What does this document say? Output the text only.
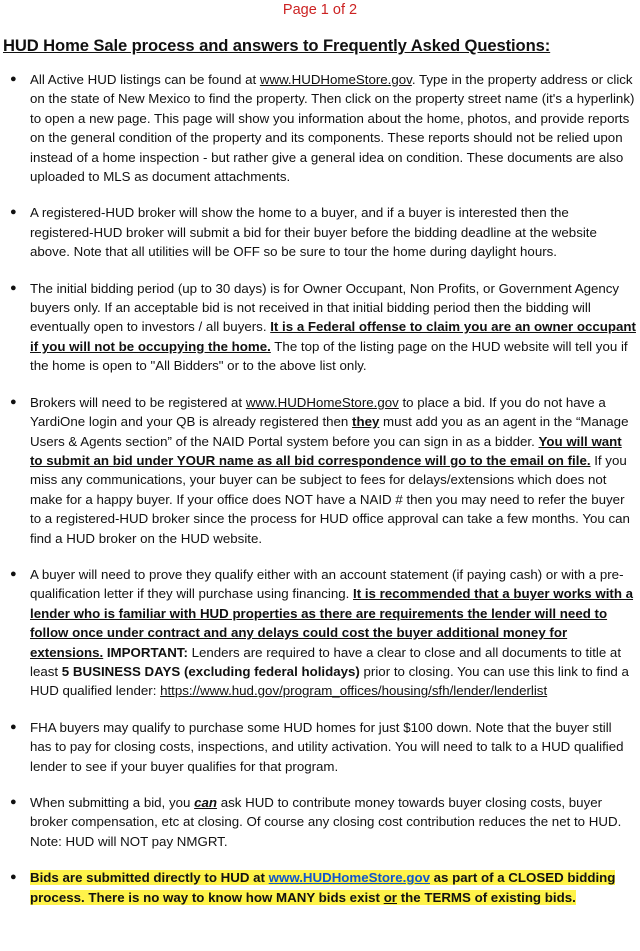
Page 1 of 2
HUD Home Sale process and answers to Frequently Asked Questions:
● All Active HUD listings can be found at www.HUDHomeStore.gov. Type in the property address or click on the state of New Mexico to find the property. Then click on the property street name (it's a hyperlink) to open a new page. This page will show you information about the home, photos, and provide reports on the general condition of the property and its components. These reports should not be relied upon instead of a home inspection - but rather give a general idea on condition. These documents are also uploaded to MLS as document attachments.
● A registered-HUD broker will show the home to a buyer, and if a buyer is interested then the registered-HUD broker will submit a bid for their buyer before the bidding deadline at the website above. Note that all utilities will be OFF so be sure to tour the home during daylight hours.
● The initial bidding period (up to 30 days) is for Owner Occupant, Non Profits, or Government Agency buyers only. If an acceptable bid is not received in that initial bidding period then the bidding will eventually open to investors / all buyers. It is a Federal offense to claim you are an owner occupant if you will not be occupying the home. The top of the listing page on the HUD website will tell you if the home is open to "All Bidders" or to the above list only.
● Brokers will need to be registered at www.HUDHomeStore.gov to place a bid. If you do not have a YardiOne login and your QB is already registered then they must add you as an agent in the “Manage Users & Agents section” of the NAID Portal system before you can sign in as a bidder. You will want to submit an bid under YOUR name as all bid correspondence will go to the email on file. If you miss any communications, your buyer can be subject to fees for delays/extensions which does not make for a happy buyer. If your office does NOT have a NAID # then you may need to refer the buyer to a registered-HUD broker since the process for HUD office approval can take a few months. You can find a HUD broker on the HUD website.
● A buyer will need to prove they qualify either with an account statement (if paying cash) or with a pre-qualification letter if they will purchase using financing. It is recommended that a buyer works with a lender who is familiar with HUD properties as there are requirements the lender will need to follow once under contract and any delays could cost the buyer additional money for extensions. IMPORTANT: Lenders are required to have a clear to close and all documents to title at least 5 BUSINESS DAYS (excluding federal holidays) prior to closing. You can use this link to find a HUD qualified lender: https://www.hud.gov/program_offices/housing/sfh/lender/lenderlist
● FHA buyers may qualify to purchase some HUD homes for just $100 down. Note that the buyer still has to pay for closing costs, inspections, and utility activation. You will need to talk to a HUD qualified lender to see if your buyer qualifies for that program.
● When submitting a bid, you can ask HUD to contribute money towards buyer closing costs, buyer broker compensation, etc at closing. Of course any closing cost contribution reduces the net to HUD. Note: HUD will NOT pay NMGRT.
● Bids are submitted directly to HUD at www.HUDHomeStore.gov as part of a CLOSED bidding process. There is no way to know how MANY bids exist or the TERMS of existing bids.
